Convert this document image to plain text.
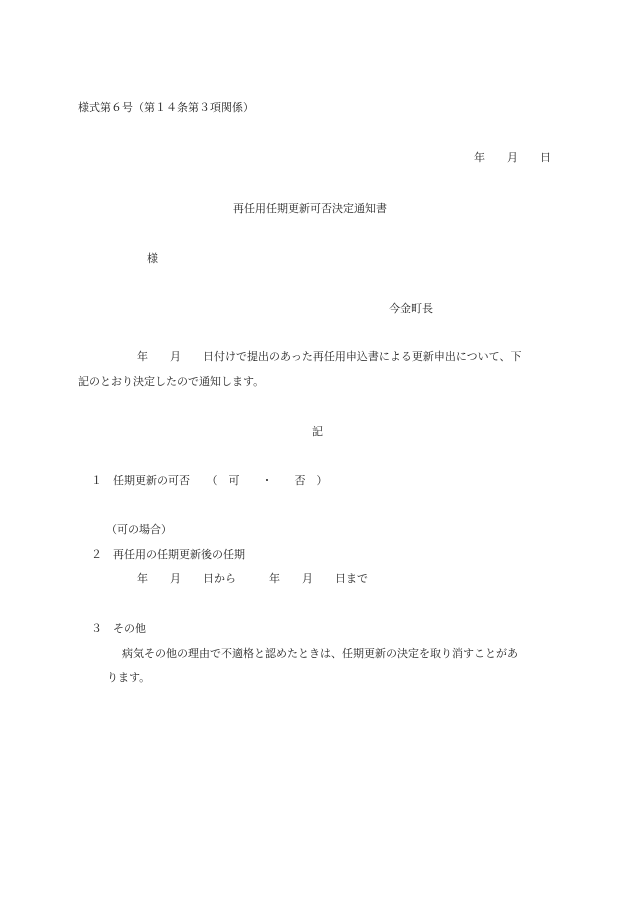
様式第６号（第１４条第３項関係）
年　　月　　日
再任用任期更新可否決定通知書
様
今金町長
年　　月　　日付けで提出のあった再任用申込書による更新申出について、下
記のとおり決定したので通知します。
記
１　任期更新の可否　　（　可　　・　　否　）
（可の場合）
２　再任用の任期更新後の任期
年　　月　　日から　　　年　　月　　日まで
３　その他
病気その他の理由で不適格と認めたときは、任期更新の決定を取り消すことがあ
ります。
